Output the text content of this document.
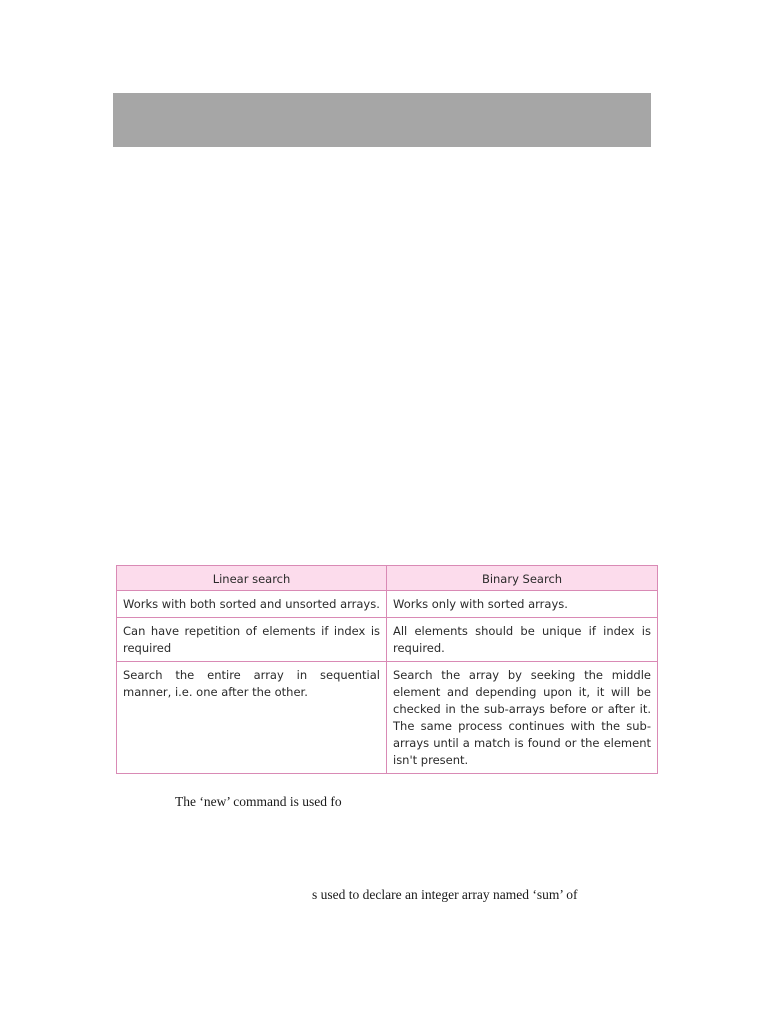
Linear search	Binary Search
Works with both sorted and unsorted arrays.	Works only with sorted arrays.
Can have repetition of elements if index is required	All elements should be unique if index is required.
Search the entire array in sequential manner, i.e. one after the other.	Search the array by seeking the middle element and depending upon it, it will be checked in the sub-arrays before or after it. The same process continues with the sub-arrays until a match is found or the element isn't present.
The ‘new’ command is used fo
s used to declare an integer array named ‘sum’ of
